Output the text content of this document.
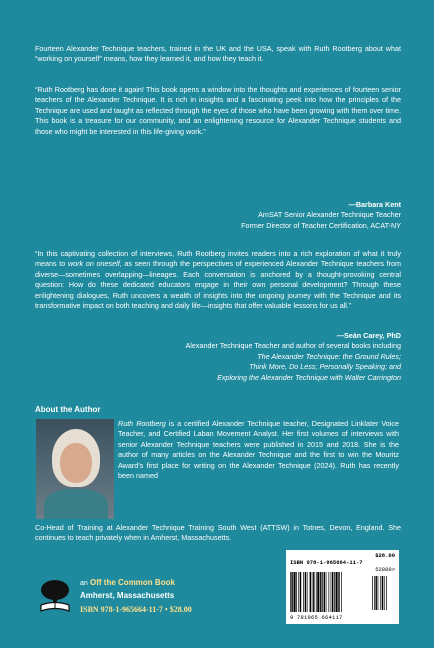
Fourteen Alexander Technique teachers, trained in the UK and the USA, speak with Ruth Rootberg about what “working on yourself” means, how they learned it, and how they teach it.

“Ruth Rootberg has done it again! This book opens a window into the thoughts and experiences of fourteen senior teachers of the Alexander Technique. It is rich in insights and a fascinating peek into how the principles of the Technique are used and taught as reflected through the eyes of those who have been growing with them over time. This book is a treasure for our community, and an enlightening resource for Alexander Technique students and those who might be interested in this life-giving work.”

—Barbara Kent
AmSAT Senior Alexander Technique Teacher
Former Director of Teacher Certification, ACAT-NY

“In this captivating collection of interviews, Ruth Rootberg invites readers into a rich exploration of what it truly means to work on oneself, as seen through the perspectives of experienced Alexander Technique teachers from diverse—sometimes overlapping—lineages. Each conversation is anchored by a thought-provoking central question: How do these dedicated educators engage in their own personal development? Through these enlightening dialogues, Ruth uncovers a wealth of insights into the ongoing journey with the Technique and its transformative impact on both teaching and daily life—insights that offer valuable lessons for us all.”

—Seán Carey, PhD
Alexander Technique Teacher and author of several books including
The Alexander Technique: the Ground Rules;
Think More, Do Less; Personally Speaking; and
Exploring the Alexander Technique with Walter Carrington

About the Author

Ruth Rootberg is a certified Alexander Technique teacher, Designated Linklater Voice Teacher, and Certified Laban Movement Analyst. Her first volumes of interviews with senior Alexander Technique teachers were published in 2015 and 2018. She is the author of many articles on the Alexander Technique and the first to win the Mouritz Award’s first place for writing on the Alexander Technique (2024). Ruth has recently been named

Co-Head of Training at Alexander Technique Training South West (ATTSW) in Totnes, Devon, England. She continues to teach privately when in Amherst, Massachusetts.

an Off the Common Book

Amherst, Massachusetts

ISBN 978-1-965664-11-7 • $28.00

$28.00
ISBN 978-1-965664-11-7
52800>
9 781965 664117
